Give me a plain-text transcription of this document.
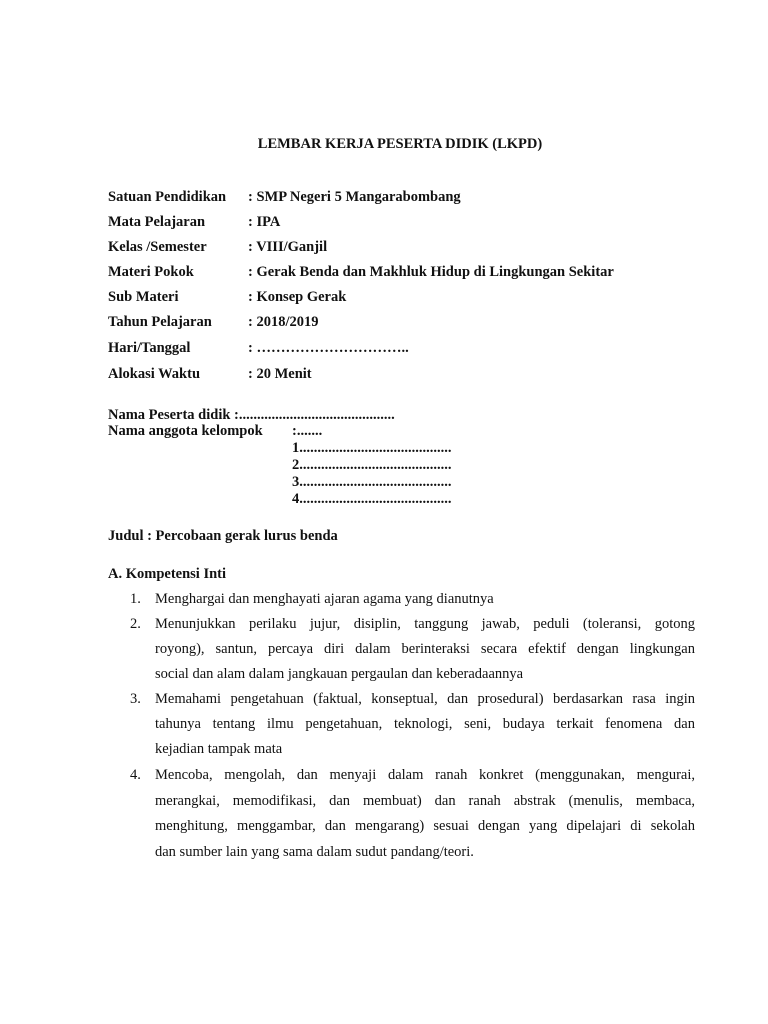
LEMBAR KERJA PESERTA DIDIK (LKPD)
Satuan Pendidikan : SMP Negeri 5 Mangarabombang
Mata Pelajaran	: IPA
Kelas /Semester	: VIII/Ganjil
Materi Pokok	: Gerak Benda dan Makhluk Hidup di Lingkungan Sekitar
Sub Materi	: Konsep Gerak
Tahun Pelajaran : 2018/2019
Hari/Tanggal	: …………………………..
Alokasi Waktu	: 20 Menit
Nama Peserta didik :...........................................
Nama anggota kelompok :.......
1..........................................
2..........................................
3..........................................
4..........................................
Judul : Percobaan gerak lurus benda
A. Kompetensi Inti
1. Menghargai dan menghayati ajaran agama yang dianutnya
2. Menunjukkan perilaku jujur, disiplin, tanggung jawab, peduli (toleransi, gotong
royong), santun, percaya diri dalam berinteraksi secara efektif dengan lingkungan
social dan alam dalam jangkauan pergaulan dan keberadaannya
3. Memahami pengetahuan (faktual, konseptual, dan prosedural) berdasarkan rasa ingin
tahunya tentang ilmu pengetahuan, teknologi, seni, budaya terkait fenomena dan
kejadian tampak mata
4. Mencoba, mengolah, dan menyaji dalam ranah konkret (menggunakan, mengurai,
merangkai, memodifikasi, dan membuat) dan ranah abstrak (menulis, membaca,
menghitung, menggambar, dan mengarang) sesuai dengan yang dipelajari di sekolah
dan sumber lain yang sama dalam sudut pandang/teori.
